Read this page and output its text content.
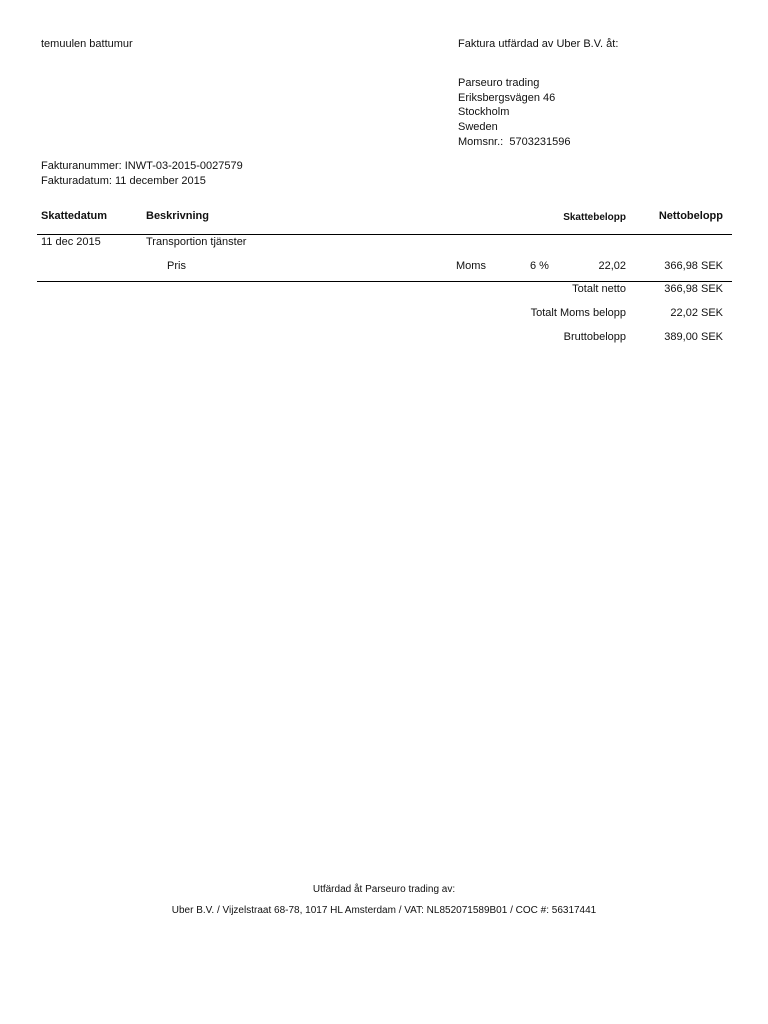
temuulen battumur	Faktura utfärdad av Uber B.V. åt:
Parseuro trading
Eriksbergsvägen 46
Stockholm
Sweden
Momsnr.:  5703231596
Fakturanummer: INWT-03-2015-0027579
Fakturadatum: 11 december 2015
Skattedatum	Beskrivning	Skattebelopp	Nettobelopp
11 dec 2015	Transportion tjänster
Pris	Moms	6 %	22,02	366,98 SEK
Totalt netto	366,98 SEK
Totalt Moms belopp	22,02 SEK
Bruttobelopp	389,00 SEK
Utfärdad åt Parseuro trading av:
Uber B.V. / Vijzelstraat 68-78, 1017 HL Amsterdam / VAT: NL852071589B01 / COC #: 56317441
